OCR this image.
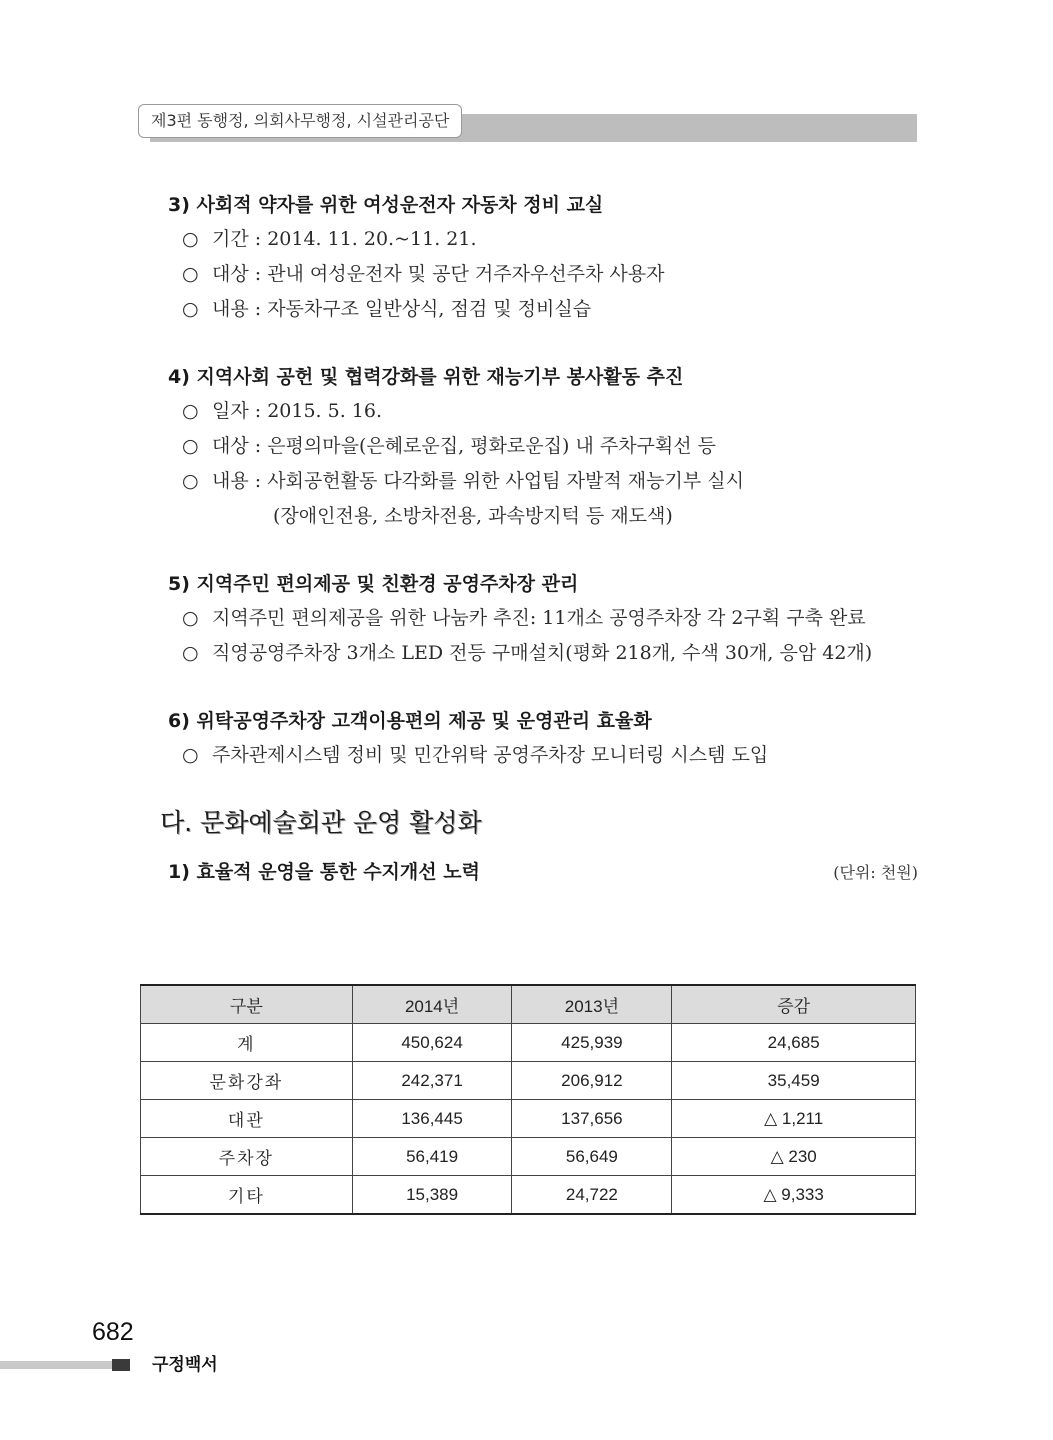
제3편 동행정, 의회사무행정, 시설관리공단

3) 사회적 약자를 위한 여성운전자 자동차 정비 교실

○ 기간 : 2014. 11. 20.~11. 21.

○ 대상 : 관내 여성운전자 및 공단 거주자우선주차 사용자

○ 내용 : 자동차구조 일반상식, 점검 및 정비실습

4) 지역사회 공헌 및 협력강화를 위한 재능기부 봉사활동 추진

○ 일자 : 2015. 5. 16.

○ 대상 : 은평의마을(은혜로운집, 평화로운집) 내 주차구획선 등

○ 내용 : 사회공헌활동 다각화를 위한 사업팀 자발적 재능기부 실시

(장애인전용, 소방차전용, 과속방지턱 등 재도색)

5) 지역주민 편의제공 및 친환경 공영주차장 관리

○ 지역주민 편의제공을 위한 나눔카 추진: 11개소 공영주차장 각 2구획 구축 완료

○ 직영공영주차장 3개소 LED 전등 구매설치(평화 218개, 수색 30개, 응암 42개)

6) 위탁공영주차장 고객이용편의 제공 및 운영관리 효율화

○ 주차관제시스템 정비 및 민간위탁 공영주차장 모니터링 시스템 도입

다. 문화예술회관 운영 활성화

1) 효율적 운영을 통한 수지개선 노력	(단위: 천원)
구분	2014년	2013년	증감
계	450,624	425,939	24,685
문화강좌	242,371	206,912	35,459
대관	136,445	137,656	△ 1,211
주차장	56,419	56,649	△ 230
기타	15,389	24,722	△ 9,333
682
구정백서
